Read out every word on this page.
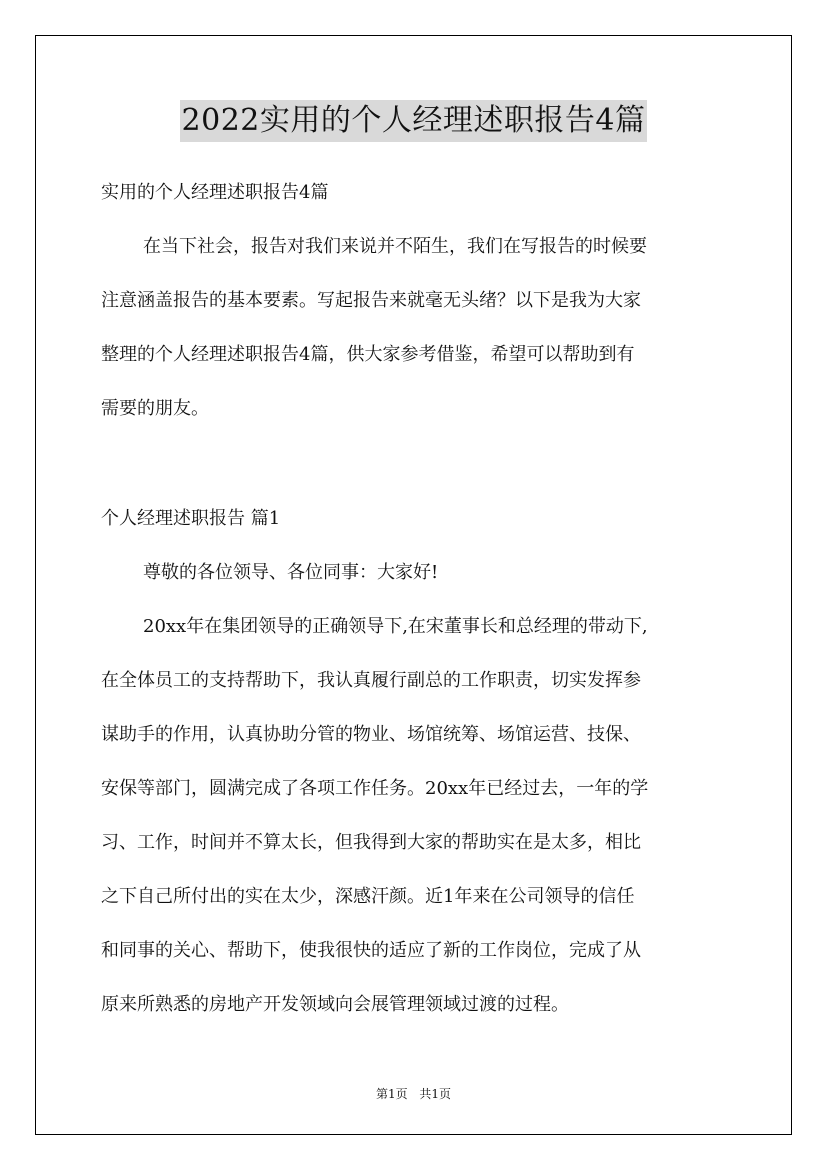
2022实用的个人经理述职报告4篇
实用的个人经理述职报告4篇
在当下社会，报告对我们来说并不陌生，我们在写报告的时候要
注意涵盖报告的基本要素。写起报告来就毫无头绪？以下是我为大家
整理的个人经理述职报告4篇，供大家参考借鉴，希望可以帮助到有
需要的朋友。
个人经理述职报告 篇1
尊敬的各位领导、各位同事：大家好!
20xx年在集团领导的正确领导下,在宋董事长和总经理的带动下,
在全体员工的支持帮助下，我认真履行副总的工作职责，切实发挥参
谋助手的作用，认真协助分管的物业、场馆统筹、场馆运营、技保、
安保等部门，圆满完成了各项工作任务。20xx年已经过去，一年的学
习、工作，时间并不算太长，但我得到大家的帮助实在是太多，相比
之下自己所付出的实在太少，深感汗颜。近1年来在公司领导的信任
和同事的关心、帮助下，使我很快的适应了新的工作岗位，完成了从
原来所熟悉的房地产开发领域向会展管理领域过渡的过程。
第1页 共1页
